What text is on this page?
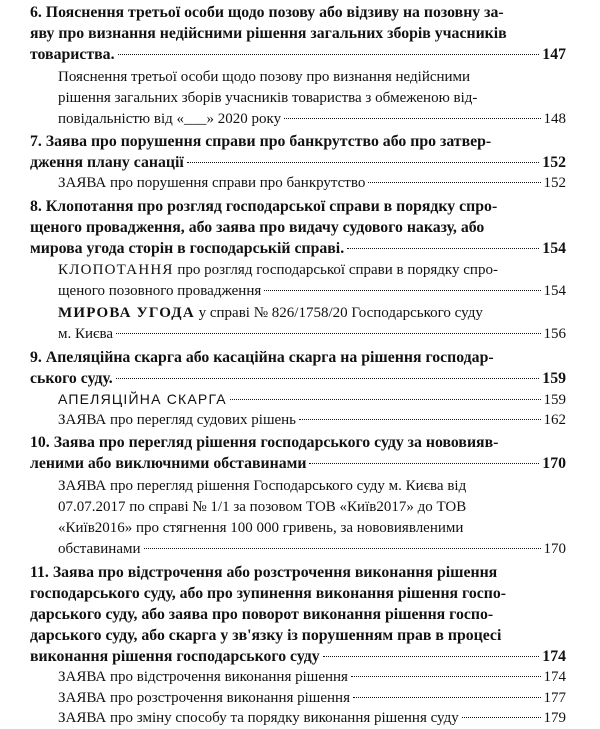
6. Пояснення третьої особи щодо позову або відзиву на позовну за-
яву про визнання недійсними рішення загальних зборів учасників
товариства.	147
Пояснення третьої особи щодо позову про визнання недійсними
рішення загальних зборів учасників товариства з обмеженою від-
повідальністю від «___» 2020 року	148
7. Заява про порушення справи про банкрутство або про затвер-
дження плану санації	152
ЗАЯВА про порушення справи про банкрутство	152
8. Клопотання про розгляд господарської справи в порядку спро-
щеного провадження, або заява про видачу судового наказу, або
мирова угода сторін в господарській справі.	154
КЛОПОТАННЯ про розгляд господарської справи в порядку спро-
щеного позовного провадження	154
МИРОВА УГОДА у справі № 826/1758/20 Господарського суду
м. Києва	156
9. Апеляційна скарга або касаційна скарга на рішення господар-
ського суду.	159
АПЕЛЯЦІЙНА СКАРГА	159
ЗАЯВА про перегляд судових рішень	162
10. Заява про перегляд рішення господарського суду за нововияв-
леними або виключними обставинами	170
ЗАЯВА про перегляд рішення Господарського суду м. Києва від
07.07.2017 по справі № 1/1 за позовом ТОВ «Київ2017» до ТОВ
«Київ2016» про стягнення 100 000 гривень, за нововиявленими
обставинами	170
11. Заява про відстрочення або розстрочення виконання рішення
господарського суду, або про зупинення виконання рішення госпо-
дарського суду, або заява про поворот виконання рішення госпо-
дарського суду, або скарга у зв'язку із порушенням прав в процесі
виконання рішення господарського суду	174
ЗАЯВА про відстрочення виконання рішення	174
ЗАЯВА про розстрочення виконання рішення	177
ЗАЯВА про зміну способу та порядку виконання рішення суду	179
